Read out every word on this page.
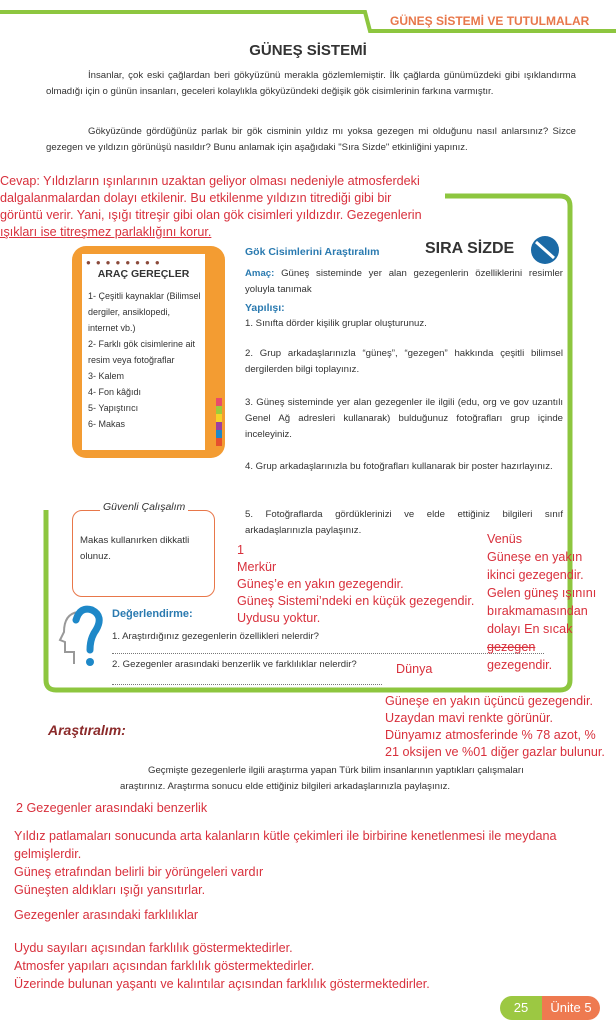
GÜNEŞ SİSTEMİ VE TUTULMALAR
GÜNEŞ SİSTEMİ
İnsanlar, çok eski çağlardan beri gökyüzünü merakla gözlemlemiştir. İlk çağlarda günümüzdeki gibi ışıklandırma olmadığı için o günün insanları, geceleri kolaylıkla gökyüzündeki değişik gök cisimlerinin farkına varmıştır.
Gökyüzünde gördüğünüz parlak bir gök cisminin yıldız mı yoksa gezegen mi olduğunu nasıl anlarsınız? Sizce gezegen ve yıldızın görünüşü nasıldır? Bunu anlamak için aşağıdaki "Sıra Sizde" etkinliğini yapınız.
SIRA SİZDE
●●●●●●●●
ARAÇ GEREÇLER
1- Çeşitli kaynaklar (Bilimsel dergiler, ansiklopedi, internet vb.)
2- Farklı gök cisimlerine ait resim veya fotoğraflar
3- Kalem
4- Fon kâğıdı
5- Yapıştırıcı
6- Makas
Gök Cisimlerini Araştıralım
Amaç: Güneş sisteminde yer alan gezegenlerin özelliklerini resimler yoluyla tanımak
Yapılışı:
1. Sınıfta dörder kişilik gruplar oluşturunuz.
2. Grup arkadaşlarınızla “güneş”, “gezegen” hakkında çeşitli bilimsel dergilerden bilgi toplayınız.
3. Güneş sisteminde yer alan gezegenler ile ilgili (edu, org ve gov uzantılı Genel Ağ adresleri kullanarak) bulduğunuz fotoğrafları grup içinde inceleyiniz.
4. Grup arkadaşlarınızla bu fotoğrafları kullanarak bir poster hazırlayınız.
5. Fotoğraflarda gördüklerinizi ve elde ettiğiniz bilgileri sınıf arkadaşlarınızla paylaşınız.
Güvenli Çalışalım
Makas kullanırken dikkatli olunuz.
Değerlendirme:
1. Araştırdığınız gezegenlerin özellikleri nelerdir?
2. Gezegenler arasındaki benzerlik ve farklılıklar nelerdir?
Araştıralım:
Geçmişte gezegenlerle ilgili araştırma yapan Türk bilim insanlarının yaptıkları çalışmaları araştırınız. Araştırma sonucu elde ettiğiniz bilgileri arkadaşlarınızla paylaşınız.
25	Ünite 5
Cevap: Yıldızların ışınlarının uzaktan geliyor olması nedeniyle atmosferdeki
dalgalanmalardan dolayı etkilenir. Bu etkilenme yıldızın titrediği gibi bir
görüntü verir. Yani, ışığı titreşir gibi olan gök cisimleri yıldızdır. Gezegenlerin
ışıkları ise titreşmez parlaklığını korur.
1
Merkür
Güneş’e en yakın gezegendir.
Güneş Sistemi’ndeki en küçük gezegendir.
Uydusu yoktur.
Venüs
Güneşe en yakın
ikinci gezegendir.
Gelen güneş ışınını
bırakmamasından
dolayı En sıcak
gezegen
gezegendir.
Dünya
Güneşe en yakın üçüncü gezegendir.
Uzaydan mavi renkte görünür.
Dünyamız atmosferinde % 78 azot, %
21 oksijen ve %01 diğer gazlar bulunur.
2 Gezegenler arasındaki benzerlik
Yıldız patlamaları sonucunda arta kalanların kütle çekimleri ile birbirine kenetlenmesi ile meydana
gelmişlerdir.
Güneş etrafından belirli bir yörüngeleri vardır
Güneşten aldıkları ışığı yansıtırlar.
Gezegenler arasındaki farklılıklar
Uydu sayıları açısından farklılık göstermektedirler.
Atmosfer yapıları açısından farklılık göstermektedirler.
Üzerinde bulunan yaşantı ve kalıntılar açısından farklılık göstermektedirler.
